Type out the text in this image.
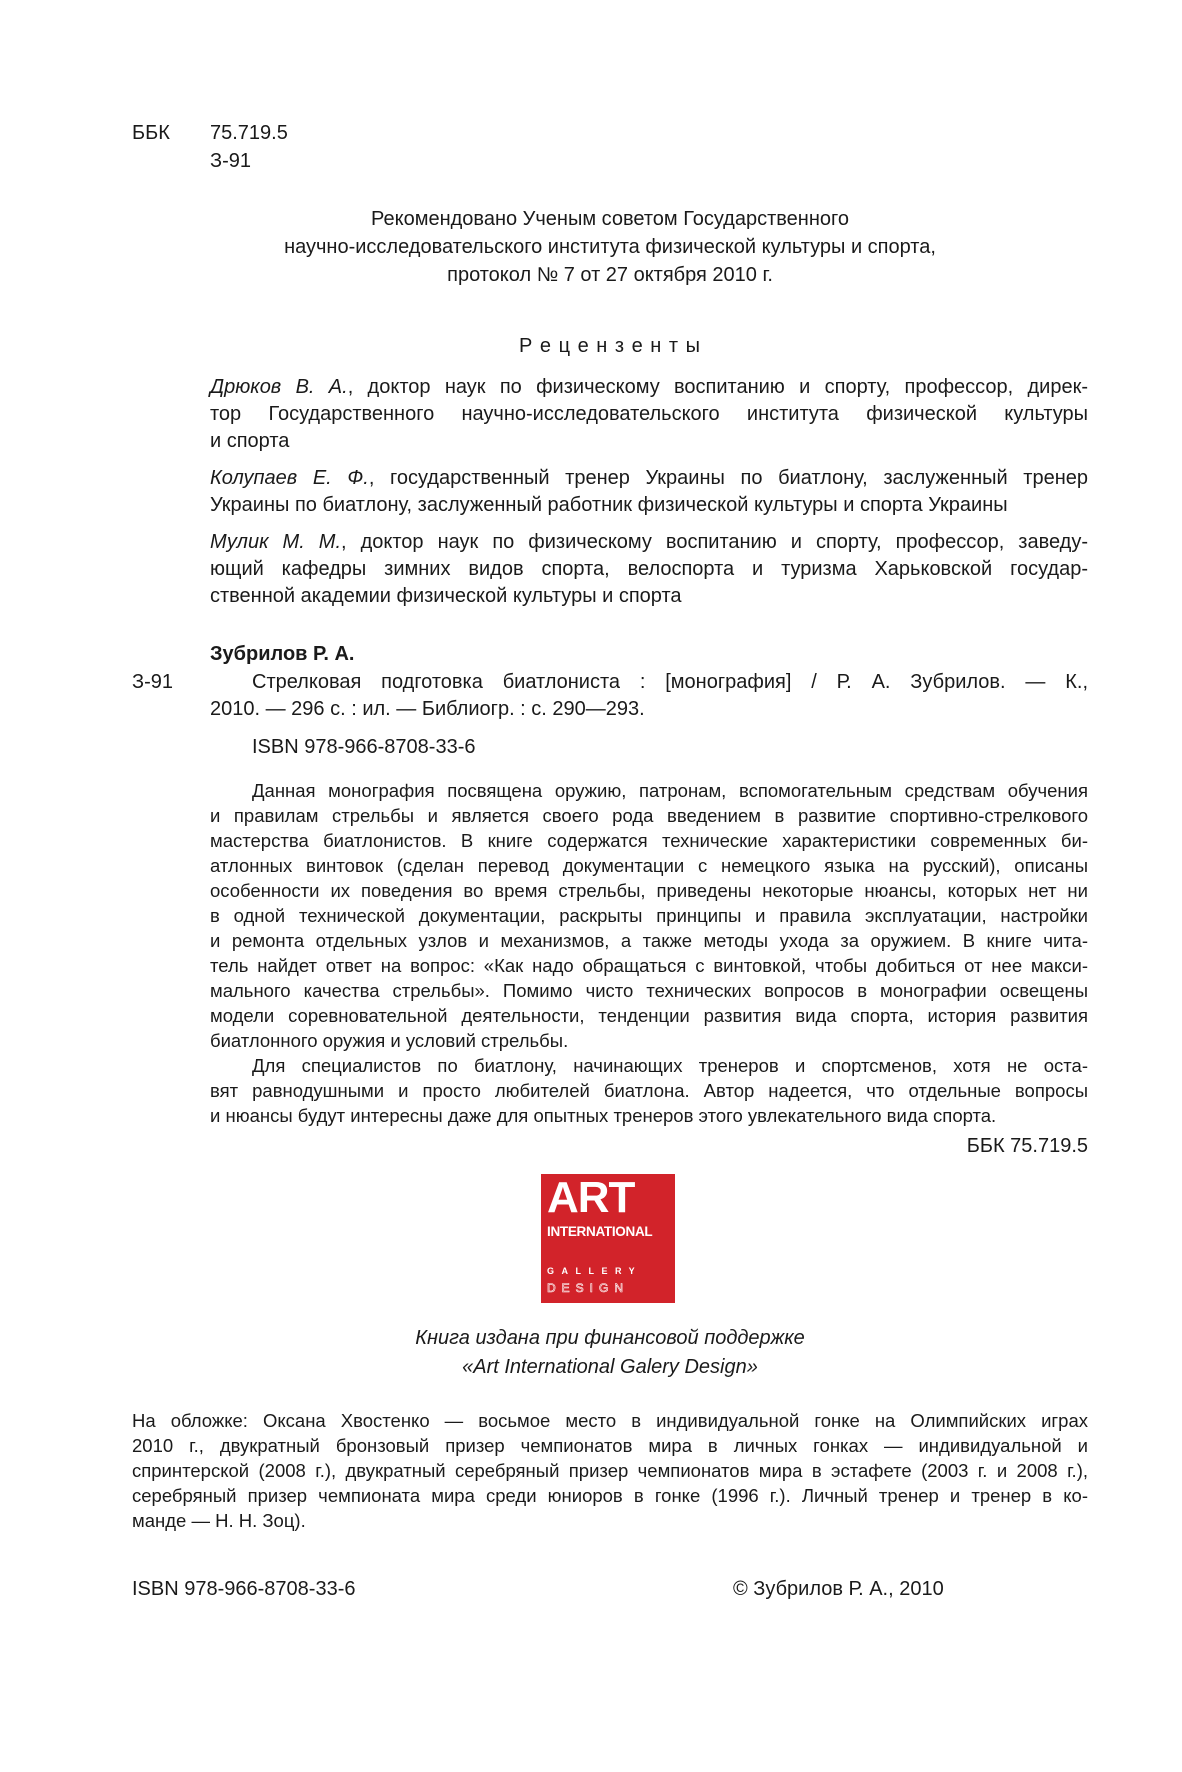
ББК 75.719.5
З-91
Рекомендовано Ученым советом Государственного
научно-исследовательского института физической культуры и спорта,
протокол № 7 от 27 октября 2010 г.
Р е ц е н з е н т ы
Дрюков В. А., доктор наук по физическому воспитанию и спорту, профессор, дирек-
тор Государственного научно-исследовательского института физической культуры
и спорта
Колупаев Е. Ф., государственный тренер Украины по биатлону, заслуженный тренер
Украины по биатлону, заслуженный работник физической культуры и спорта Украины
Мулик М. М., доктор наук по физическому воспитанию и спорту, профессор, заведу-
ющий кафедры зимних видов спорта, велоспорта и туризма Харьковской государ-
ственной академии физической культуры и спорта
Зубрилов Р. А.
З-91	Стрелковая подготовка биатлониста : [монография] / Р. А. Зубрилов. — К.,
2010. — 296 с. : ил. — Библиогр. : с. 290—293.
ISBN 978-966-8708-33-6
Данная монография посвящена оружию, патронам, вспомогательным средствам обучения
и правилам стрельбы и является своего рода введением в развитие спортивно-стрелкового
мастерства биатлонистов. В книге содержатся технические характеристики современных би-
атлонных винтовок (сделан перевод документации с немецкого языка на русский), описаны
особенности их поведения во время стрельбы, приведены некоторые нюансы, которых нет ни
в одной технической документации, раскрыты принципы и правила эксплуатации, настройки
и ремонта отдельных узлов и механизмов, а также методы ухода за оружием. В книге чита-
тель найдет ответ на вопрос: «Как надо обращаться с винтовкой, чтобы добиться от нее макси-
мального качества стрельбы». Помимо чисто технических вопросов в монографии освещены
модели соревновательной деятельности, тенденции развития вида спорта, история развития
биатлонного оружия и условий стрельбы.
Для специалистов по биатлону, начинающих тренеров и спортсменов, хотя не оста-
вят равнодушными и просто любителей биатлона. Автор надеется, что отдельные вопросы
и нюансы будут интересны даже для опытных тренеров этого увлекательного вида спорта.
ББК 75.719.5
ART
INTERNATIONAL
GALLERY
DESIGN
Книга издана при финансовой поддержке
«Art International Galery Design»
На обложке: Оксана Хвостенко — восьмое место в индивидуальной гонке на Олимпийских играх
2010 г., двукратный бронзовый призер чемпионатов мира в личных гонках — индивидуальной и
спринтерской (2008 г.), двукратный серебряный призер чемпионатов мира в эстафете (2003 г. и 2008 г.),
серебряный призер чемпионата мира среди юниоров в гонке (1996 г.). Личный тренер и тренер в ко-
манде — Н. Н. Зоц).
ISBN 978-966-8708-33-6	© Зубрилов Р. А., 2010
